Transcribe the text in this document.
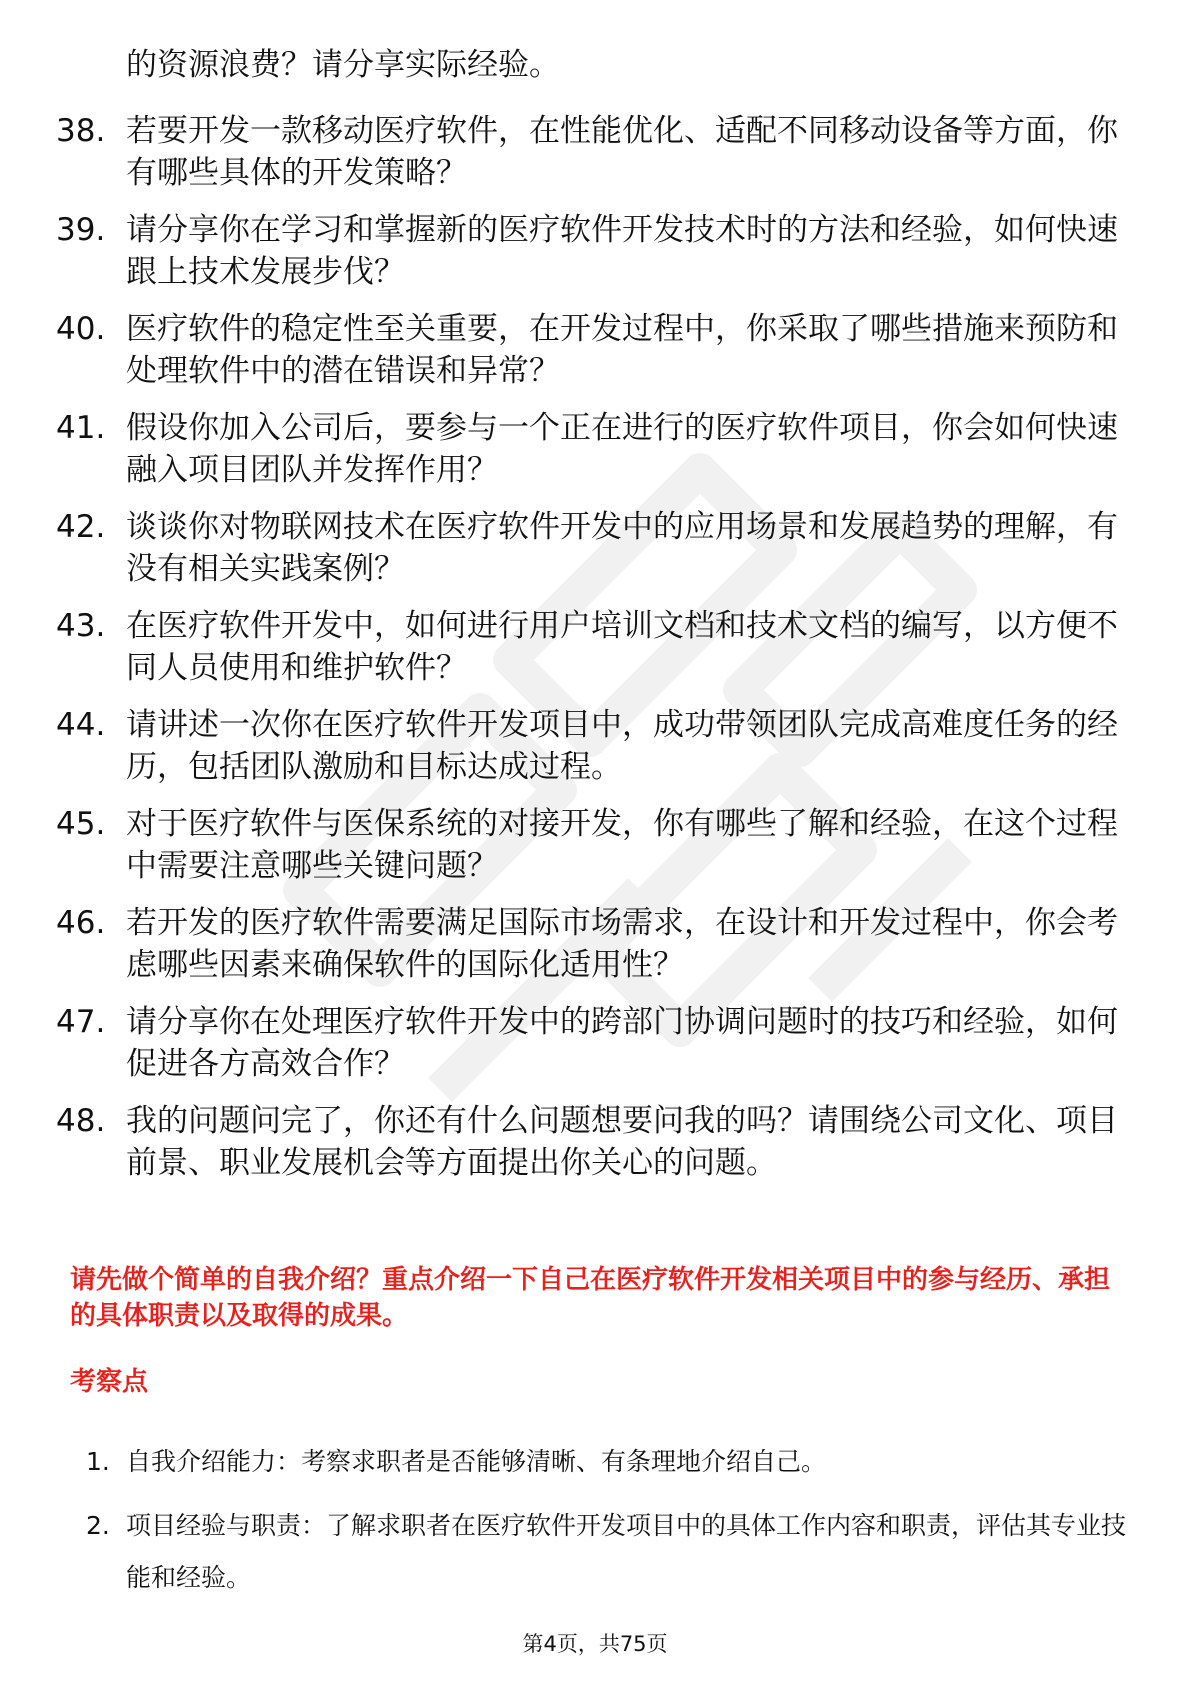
的资源浪费？请分享实际经验。

38. 若要开发一款移动医疗软件，在性能优化、适配不同移动设备等方面，你有哪些具体的开发策略？
39. 请分享你在学习和掌握新的医疗软件开发技术时的方法和经验，如何快速跟上技术发展步伐？
40. 医疗软件的稳定性至关重要，在开发过程中，你采取了哪些措施来预防和处理软件中的潜在错误和异常？
41. 假设你加入公司后，要参与一个正在进行的医疗软件项目，你会如何快速融入项目团队并发挥作用？
42. 谈谈你对物联网技术在医疗软件开发中的应用场景和发展趋势的理解，有没有相关实践案例？
43. 在医疗软件开发中，如何进行用户培训文档和技术文档的编写，以方便不同人员使用和维护软件？
44. 请讲述一次你在医疗软件开发项目中，成功带领团队完成高难度任务的经历，包括团队激励和目标达成过程。
45. 对于医疗软件与医保系统的对接开发，你有哪些了解和经验，在这个过程中需要注意哪些关键问题？
46. 若开发的医疗软件需要满足国际市场需求，在设计和开发过程中，你会考虑哪些因素来确保软件的国际化适用性？
47. 请分享你在处理医疗软件开发中的跨部门协调问题时的技巧和经验，如何促进各方高效合作？
48. 我的问题问完了，你还有什么问题想要问我的吗？请围绕公司文化、项目前景、职业发展机会等方面提出你关心的问题。

请先做个简单的自我介绍？重点介绍一下自己在医疗软件开发相关项目中的参与经历、承担的具体职责以及取得的成果。

考察点
1. 自我介绍能力：考察求职者是否能够清晰、有条理地介绍自己。
2. 项目经验与职责：了解求职者在医疗软件开发项目中的具体工作内容和职责，评估其专业技能和经验。
第4页，共75页
